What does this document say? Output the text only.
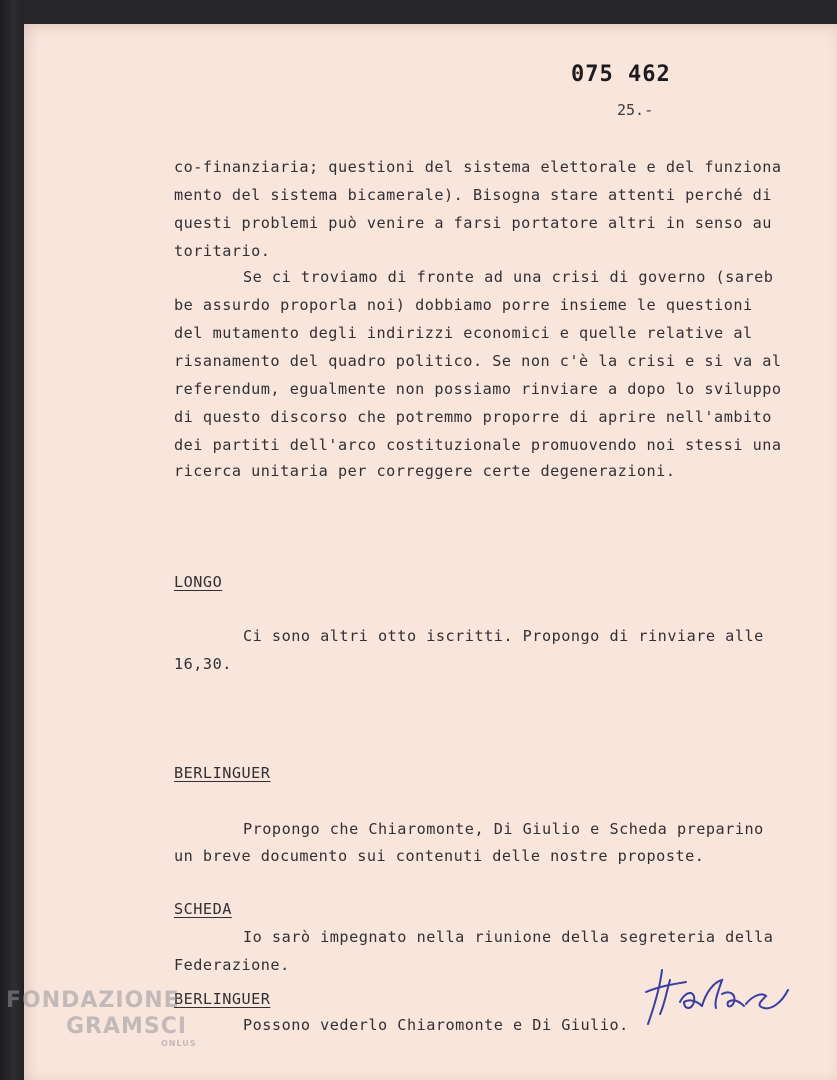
075 462
25.-
co-finanziaria; questioni del sistema elettorale e del funziona
mento del sistema bicamerale). Bisogna stare attenti perché di
questi problemi può venire a farsi portatore altri in senso au
toritario.
Se ci troviamo di fronte ad una crisi di governo (sareb
be assurdo proporla noi) dobbiamo porre insieme le questioni
del mutamento degli indirizzi economici e quelle relative al
risanamento del quadro politico. Se non c'è la crisi e si va al
referendum, egualmente non possiamo rinviare a dopo lo sviluppo
di questo discorso che potremmo proporre di aprire nell'ambito
dei partiti dell'arco costituzionale promuovendo noi stessi una
ricerca unitaria per correggere certe degenerazioni.
LONGO
Ci sono altri otto iscritti. Propongo di rinviare alle
16,30.
BERLINGUER
Propongo che Chiaromonte, Di Giulio e Scheda preparino
un breve documento sui contenuti delle nostre proposte.
SCHEDA
Io sarò impegnato nella riunione della segreteria della
Federazione.
BERLINGUER
Possono vederlo Chiaromonte e Di Giulio.
FONDAZIONE
GRAMSCI
ONLUS
